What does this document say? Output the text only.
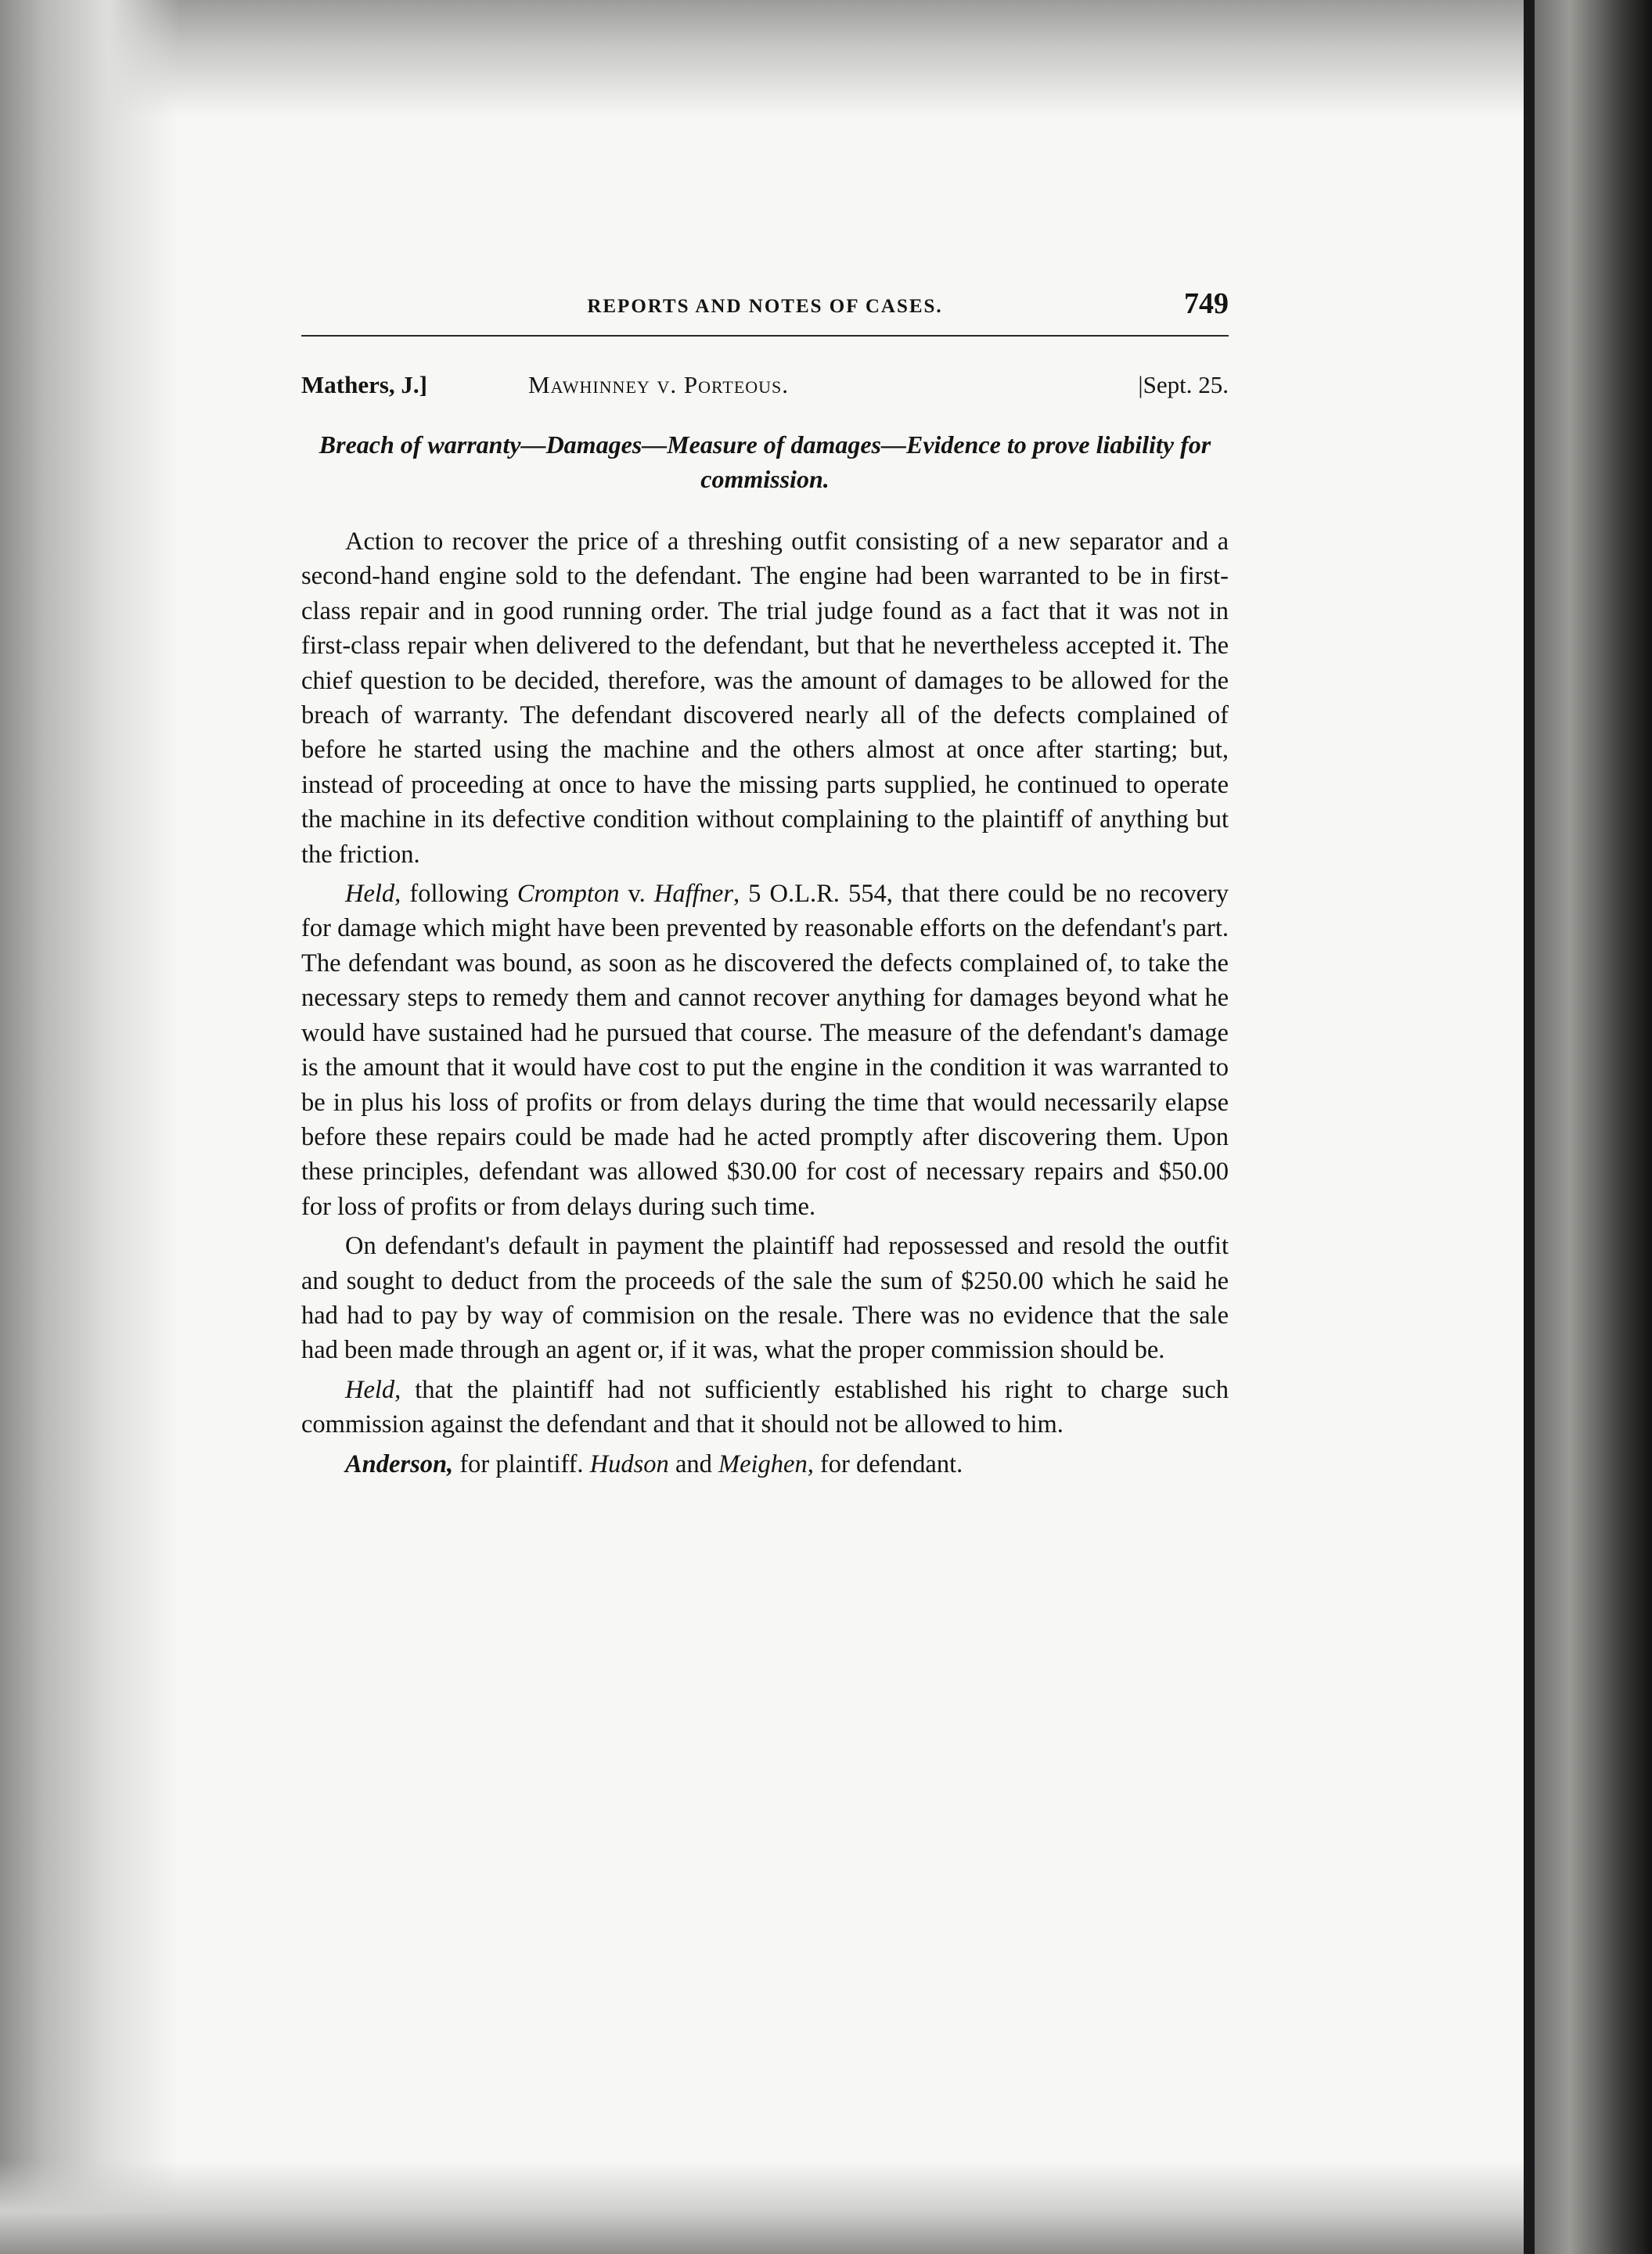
REPORTS AND NOTES OF CASES.	749
Mathers, J.]	Mawhinney v. Porteous.	|Sept. 25.
Breach of warranty—Damages—Measure of damages—Evidence to prove liability for commission.

Action to recover the price of a threshing outfit consisting of a new separator and a second-hand engine sold to the defendant. The engine had been warranted to be in first-class repair and in good running order. The trial judge found as a fact that it was not in first-class repair when delivered to the defendant, but that he nevertheless accepted it. The chief question to be decided, therefore, was the amount of damages to be allowed for the breach of warranty. The defendant discovered nearly all of the defects complained of before he started using the machine and the others almost at once after starting; but, instead of proceeding at once to have the missing parts supplied, he continued to operate the machine in its defective condition without complaining to the plaintiff of anything but the friction.

Held, following Crompton v. Haffner, 5 O.L.R. 554, that there could be no recovery for damage which might have been prevented by reasonable efforts on the defendant's part. The defendant was bound, as soon as he discovered the defects complained of, to take the necessary steps to remedy them and cannot recover anything for damages beyond what he would have sustained had he pursued that course. The measure of the defendant's damage is the amount that it would have cost to put the engine in the condition it was warranted to be in plus his loss of profits or from delays during the time that would necessarily elapse before these repairs could be made had he acted promptly after discovering them. Upon these principles, defendant was allowed $30.00 for cost of necessary repairs and $50.00 for loss of profits or from delays during such time.

On defendant's default in payment the plaintiff had repossessed and resold the outfit and sought to deduct from the proceeds of the sale the sum of $250.00 which he said he had had to pay by way of commision on the resale. There was no evidence that the sale had been made through an agent or, if it was, what the proper commission should be.

Held, that the plaintiff had not sufficiently established his right to charge such commission against the defendant and that it should not be allowed to him.

Anderson, for plaintiff. Hudson and Meighen, for defendant.
